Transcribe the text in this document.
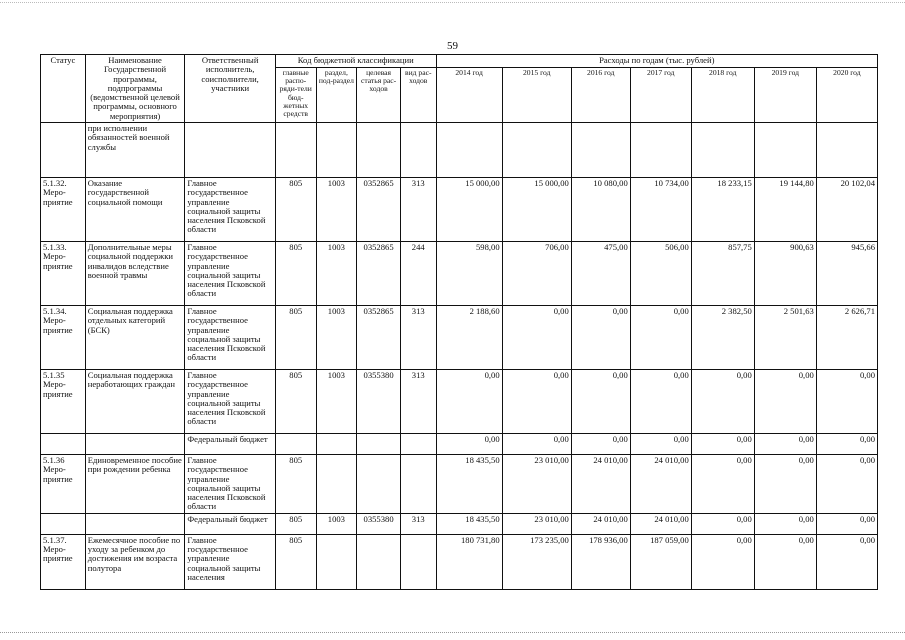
59
Статус	Наименование Государственной программы, подпрограммы (ведомственной целевой программы, основного мероприятия)	Ответственный исполнитель, соисполнители, участники	Код бюджетной классификации				Расходы по годам (тыс. рублей)						
			главные распо-ряди-тели бюд-жетных средств	раздел, под-раздел	целевая статья рас-ходов	вид рас-ходов	2014 год	2015 год	2016 год	2017 год	2018 год	2019 год	2020 год
	при исполнении обязанностей военной службы												
5.1.32. Меро-приятие	Оказание государственной социальной помощи	Главное государственное управление социальной защиты населения Псковской области	805	1003	0352865	313	15 000,00	15 000,00	10 080,00	10 734,00	18 233,15	19 144,80	20 102,04
5.1.33. Меро-приятие	Дополнительные меры социальной поддержки инвалидов вследствие военной травмы	Главное государственное управление социальной защиты населения Псковской области	805	1003	0352865	244	598,00	706,00	475,00	506,00	857,75	900,63	945,66
5.1.34. Меро-приятие	Социальная поддержка отдельных категорий (БСК)	Главное государственное управление социальной защиты населения Псковской области	805	1003	0352865	313	2 188,60	0,00	0,00	0,00	2 382,50	2 501,63	2 626,71
5.1.35 Меро-приятие	Социальная поддержка неработающих граждан	Главное государственное управление социальной защиты населения Псковской области	805	1003	0355380	313	0,00	0,00	0,00	0,00	0,00	0,00	0,00
		Федеральный бюджет					0,00	0,00	0,00	0,00	0,00	0,00	0,00
5.1.36 Меро-приятие	Единовременное пособие при рождении ребенка	Главное государственное управление социальной защиты населения Псковской области	805				18 435,50	23 010,00	24 010,00	24 010,00	0,00	0,00	0,00
		Федеральный бюджет	805	1003	0355380	313	18 435,50	23 010,00	24 010,00	24 010,00	0,00	0,00	0,00
5.1.37. Меро-приятие	Ежемесячное пособие по уходу за ребенком до достижения им возраста полутора	Главное государственное управление социальной защиты населения	805				180 731,80	173 235,00	178 936,00	187 059,00	0,00	0,00	0,00
